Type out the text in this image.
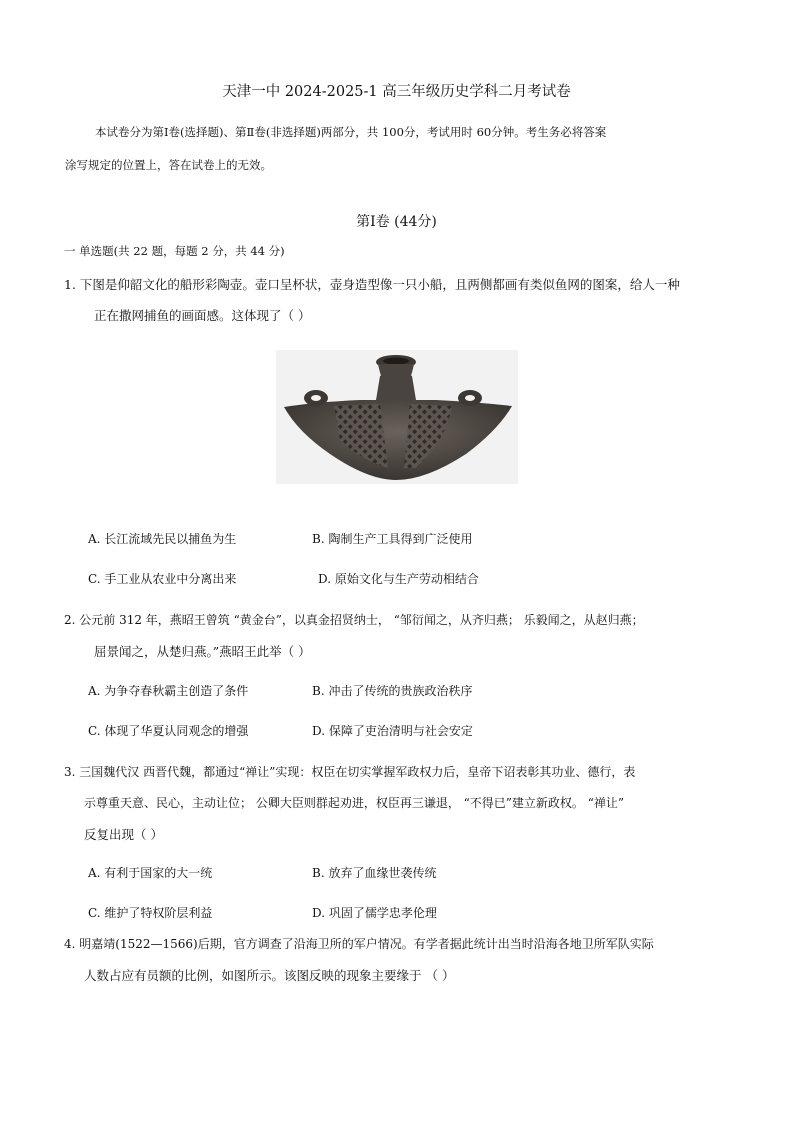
天津一中 2024-2025-1 高三年级历史学科二月考试卷
本试卷分为第Ⅰ卷(选择题)、第Ⅱ卷(非选择题)两部分，共 100分，考试用时 60分钟。考生务必将答案
涂写规定的位置上，答在试卷上的无效。
第Ⅰ卷 (44分)
一 单选题(共 22 题，每题 2 分，共 44 分)
1. 下图是仰韶文化的船形彩陶壶。壶口呈杯状，壶身造型像一只小船，且两侧都画有类似鱼网的图案，给人一种
正在撒网捕鱼的画面感。这体现了（ ）
A. 长江流域先民以捕鱼为生	B. 陶制生产工具得到广泛使用
C. 手工业从农业中分离出来	D. 原始文化与生产劳动相结合
2. 公元前 312 年，燕昭王曾筑 “黄金台”，以真金招贤纳士， “邹衍闻之，从齐归燕； 乐毅闻之，从赵归燕；
屈景闻之，从楚归燕。”燕昭王此举（ ）
A. 为争夺春秋霸主创造了条件	B. 冲击了传统的贵族政治秩序
C. 体现了华夏认同观念的增强	D. 保障了吏治清明与社会安定
3. 三国魏代汉 西晋代魏，都通过“禅让”实现：权臣在切实掌握军政权力后，皇帝下诏表彰其功业、德行，表
示尊重天意、民心，主动让位； 公卿大臣则群起劝进，权臣再三谦退， “不得已”建立新政权。 “禅让”
反复出现（ ）
A. 有利于国家的大一统	B. 放弃了血缘世袭传统
C. 维护了特权阶层利益	D. 巩固了儒学忠孝伦理
4. 明嘉靖(1522—1566)后期，官方调查了沿海卫所的军户情况。有学者据此统计出当时沿海各地卫所军队实际
人数占应有员额的比例，如图所示。该图反映的现象主要缘于 （ ）
